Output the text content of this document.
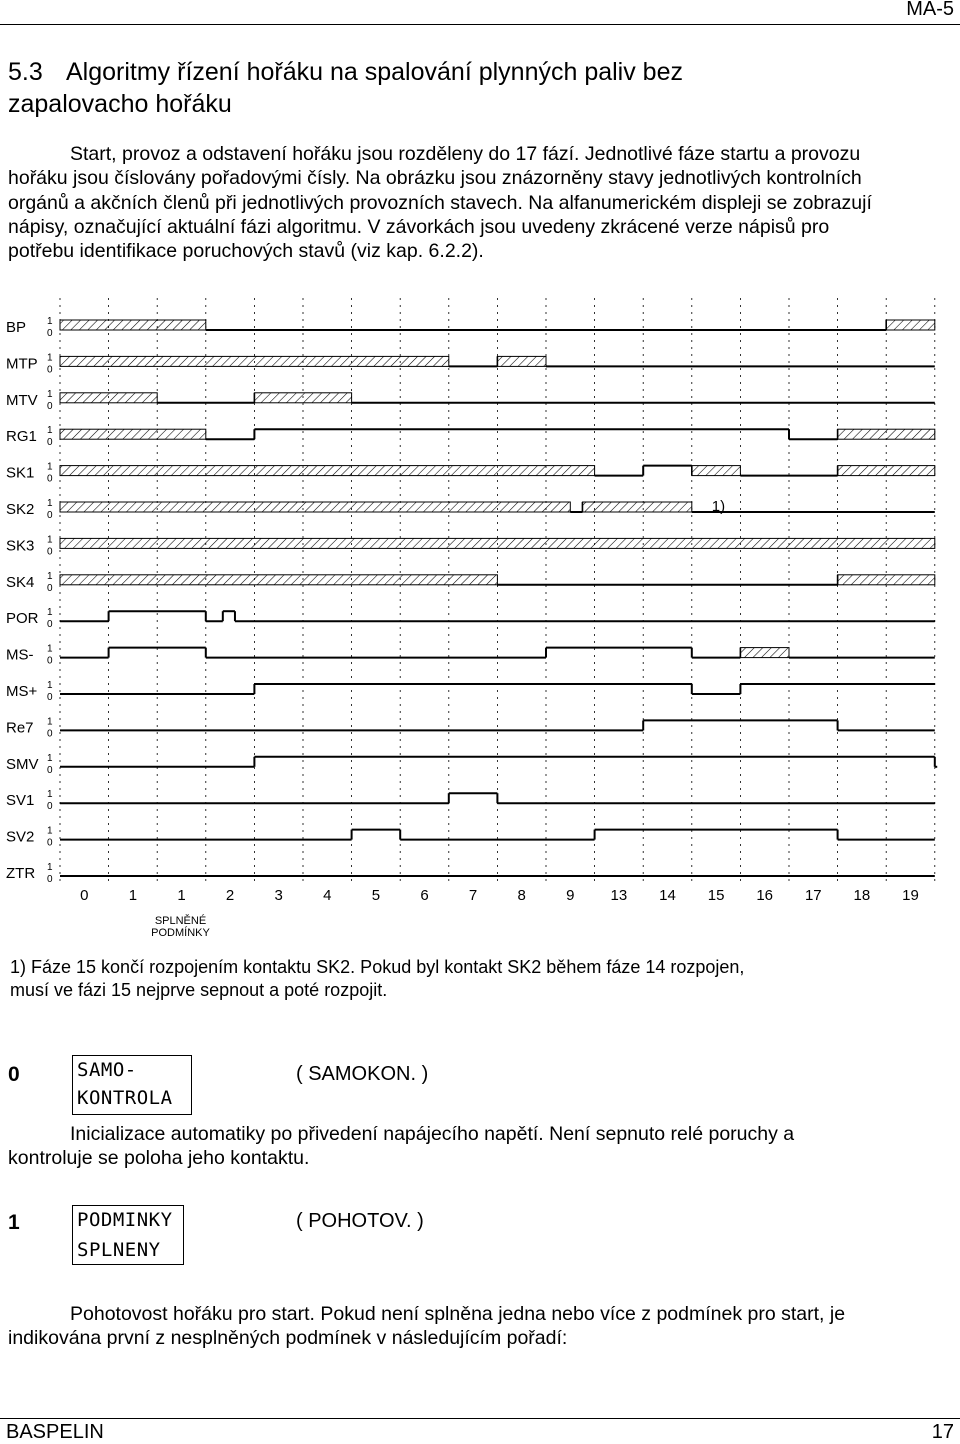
MA-5
5.3 Algoritmy řízení hořáku na spalování plynných paliv bez
zapalovacho hořáku

Start, provoz a odstavení hořáku jsou rozděleny do 17 fází. Jednotlivé fáze startu a provozu
hořáku jsou číslovány pořadovými čísly. Na obrázku jsou znázorněny stavy jednotlivých kontrolních
orgánů a akčních členů při jednotlivých provozních stavech. Na alfanumerickém displeji se zobrazují
nápisy, označující aktuální fázi algoritmu. V závorkách jsou uvedeny zkrácené verze nápisů pro
potřebu identifikace poruchových stavů (viz kap. 6.2.2).

BP 1
0
MTP 1
0
MTV 1
0
RG1 1
0
SK1 1
0
SK2 1
0
SK3 1
0
SK4 1
0
POR 1
0
MS- 1
0
MS+ 1
0
Re7 1
0
SMV 1
0
SV1 1
0
SV2 1
0
ZTR 1
0
0	1	1	2	3	4	5	6	7	8	9 13 14 15 16 17 18 19
SPLNĚNÉ
PODMÍNKY
1)

1) Fáze 15 končí rozpojením kontaktu SK2. Pokud byl kontakt SK2 během fáze 14 rozpojen,
musí ve fázi 15 nejprve sepnout a poté rozpojit.

0	SAMO-
KONTROLA
( SAMOKON. )

Inicializace automatiky po přivedení napájecího napětí. Není sepnuto relé poruchy a
kontroluje se poloha jeho kontaktu.

1	PODMINKY
SPLNENY
( POHOTOV. )

Pohotovost hořáku pro start. Pokud není splněna jedna nebo více z podmínek pro start, je
indikována první z nesplněných podmínek v následujícím pořadí:

BASPELIN	17
